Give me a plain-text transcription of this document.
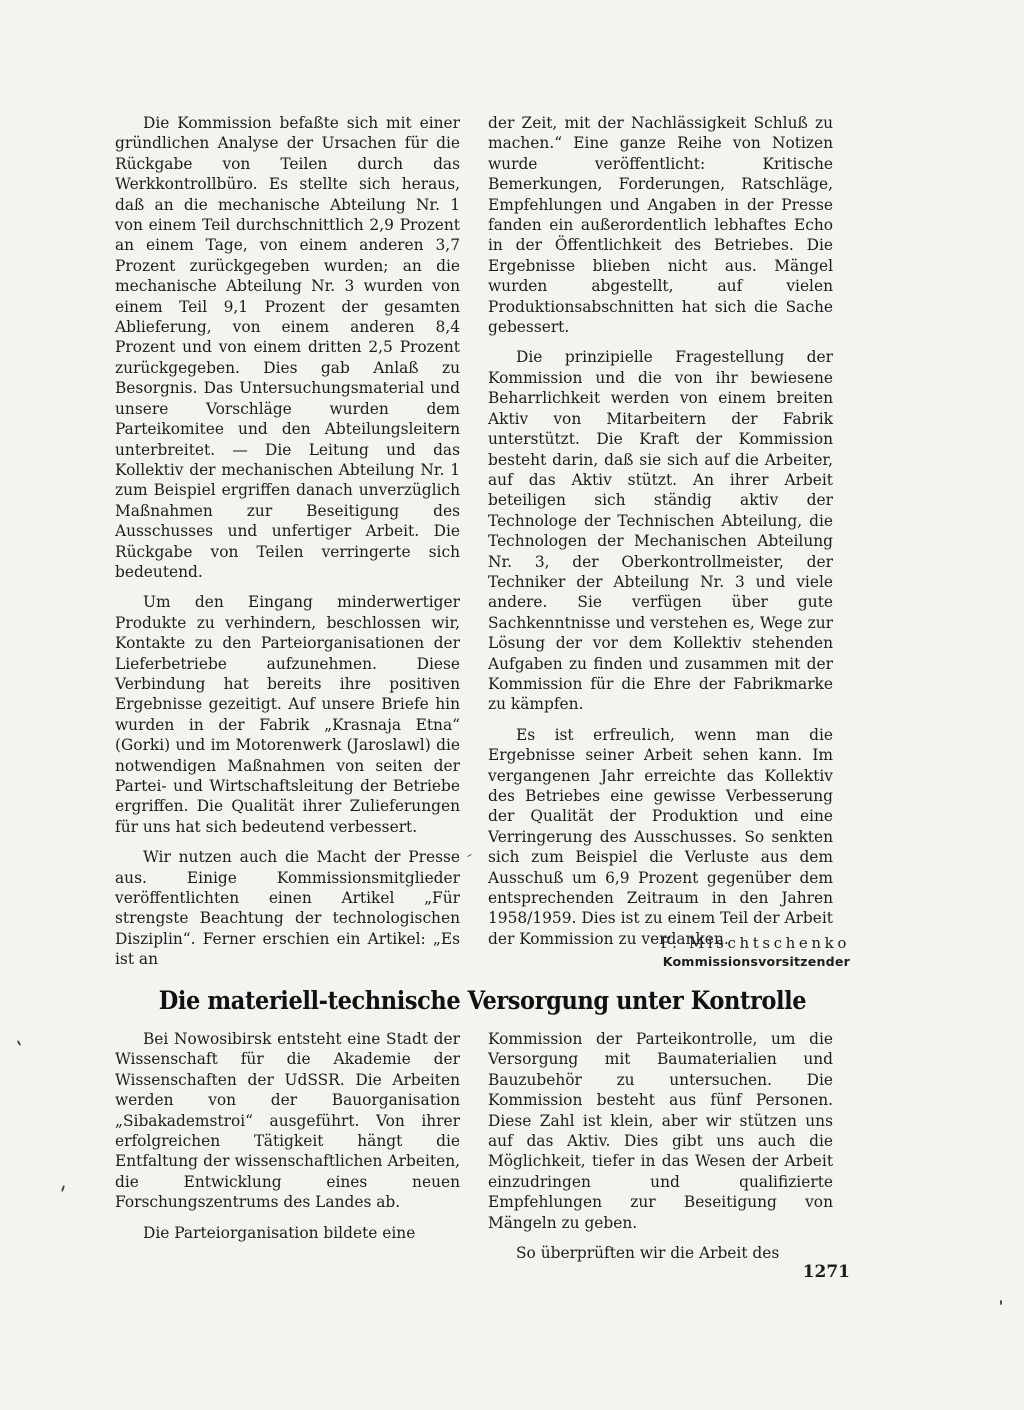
Die Kommission befaßte sich mit einer gründlichen Analyse der Ursachen für die Rückgabe von Teilen durch das Werkkontrollbüro. Es stellte sich heraus, daß an die mechanische Abteilung Nr. 1 von einem Teil durchschnittlich 2,9 Prozent an einem Tage, von einem anderen 3,7 Prozent zurückgegeben wurden; an die mechanische Abteilung Nr. 3 wurden von einem Teil 9,1 Prozent der gesamten Ablieferung, von einem anderen 8,4 Prozent und von einem dritten 2,5 Prozent zurückgegeben. Dies gab Anlaß zu Besorgnis. Das Untersuchungsmaterial und unsere Vorschläge wurden dem Parteikomitee und den Abteilungsleitern unterbreitet. — Die Leitung und das Kollektiv der mechanischen Abteilung Nr. 1 zum Beispiel ergriffen danach unverzüglich Maßnahmen zur Beseitigung des Ausschusses und unfertiger Arbeit. Die Rückgabe von Teilen verringerte sich bedeutend.

Um den Eingang minderwertiger Produkte zu verhindern, beschlossen wir, Kontakte zu den Parteiorganisationen der Lieferbetriebe aufzunehmen. Diese Verbindung hat bereits ihre positiven Ergebnisse gezeitigt. Auf unsere Briefe hin wurden in der Fabrik „Krasnaja Etna“ (Gorki) und im Motorenwerk (Jaroslawl) die notwendigen Maßnahmen von seiten der Partei- und Wirtschaftsleitung der Betriebe ergriffen. Die Qualität ihrer Zulieferungen für uns hat sich bedeutend verbessert.

Wir nutzen auch die Macht der Presse aus. Einige Kommissionsmitglieder veröffentlichten einen Artikel „Für strengste Beachtung der technologischen Disziplin“. Ferner erschien ein Artikel: „Es ist an

der Zeit, mit der Nachlässigkeit Schluß zu machen.“ Eine ganze Reihe von Notizen wurde veröffentlicht: Kritische Bemerkungen, Forderungen, Ratschläge, Empfehlungen und Angaben in der Presse fanden ein außerordentlich lebhaftes Echo in der Öffentlichkeit des Betriebes. Die Ergebnisse blieben nicht aus. Mängel wurden abgestellt, auf vielen Produktionsabschnitten hat sich die Sache gebessert.

Die prinzipielle Fragestellung der Kommission und die von ihr bewiesene Beharrlichkeit werden von einem breiten Aktiv von Mitarbeitern der Fabrik unterstützt. Die Kraft der Kommission besteht darin, daß sie sich auf die Arbeiter, auf das Aktiv stützt. An ihrer Arbeit beteiligen sich ständig aktiv der Technologe der Technischen Abteilung, die Technologen der Mechanischen Abteilung Nr. 3, der Oberkontrollmeister, der Techniker der Abteilung Nr. 3 und viele andere. Sie verfügen über gute Sachkenntnisse und verstehen es, Wege zur Lösung der vor dem Kollektiv stehenden Aufgaben zu finden und zusammen mit der Kommission für die Ehre der Fabrikmarke zu kämpfen.

Es ist erfreulich, wenn man die Ergebnisse seiner Arbeit sehen kann. Im vergangenen Jahr erreichte das Kollektiv des Betriebes eine gewisse Verbesserung der Qualität der Produktion und eine Verringerung des Ausschusses. So senkten sich zum Beispiel die Verluste aus dem Ausschuß um 6,9 Prozent gegenüber dem entsprechenden Zeitraum in den Jahren 1958/1959. Dies ist zu einem Teil der Arbeit der Kommission zu verdanken.

F. Mischtschenko
Kommissionsvorsitzender
Die materiell-technische Versorgung unter Kontrolle

Bei Nowosibirsk entsteht eine Stadt der Wissenschaft für die Akademie der Wissenschaften der UdSSR. Die Arbeiten werden von der Bauorganisation „Sibakademstroi“ ausgeführt. Von ihrer erfolgreichen Tätigkeit hängt die Entfaltung der wissenschaftlichen Arbeiten, die Entwicklung eines neuen Forschungszentrums des Landes ab.

Die Parteiorganisation bildete eine

Kommission der Parteikontrolle, um die Versorgung mit Baumaterialien und Bauzubehör zu untersuchen. Die Kommission besteht aus fünf Personen. Diese Zahl ist klein, aber wir stützen uns auf das Aktiv. Dies gibt uns auch die Möglichkeit, tiefer in das Wesen der Arbeit einzudringen und qualifizierte Empfehlungen zur Beseitigung von Mängeln zu geben.

So überprüften wir die Arbeit des

1271
